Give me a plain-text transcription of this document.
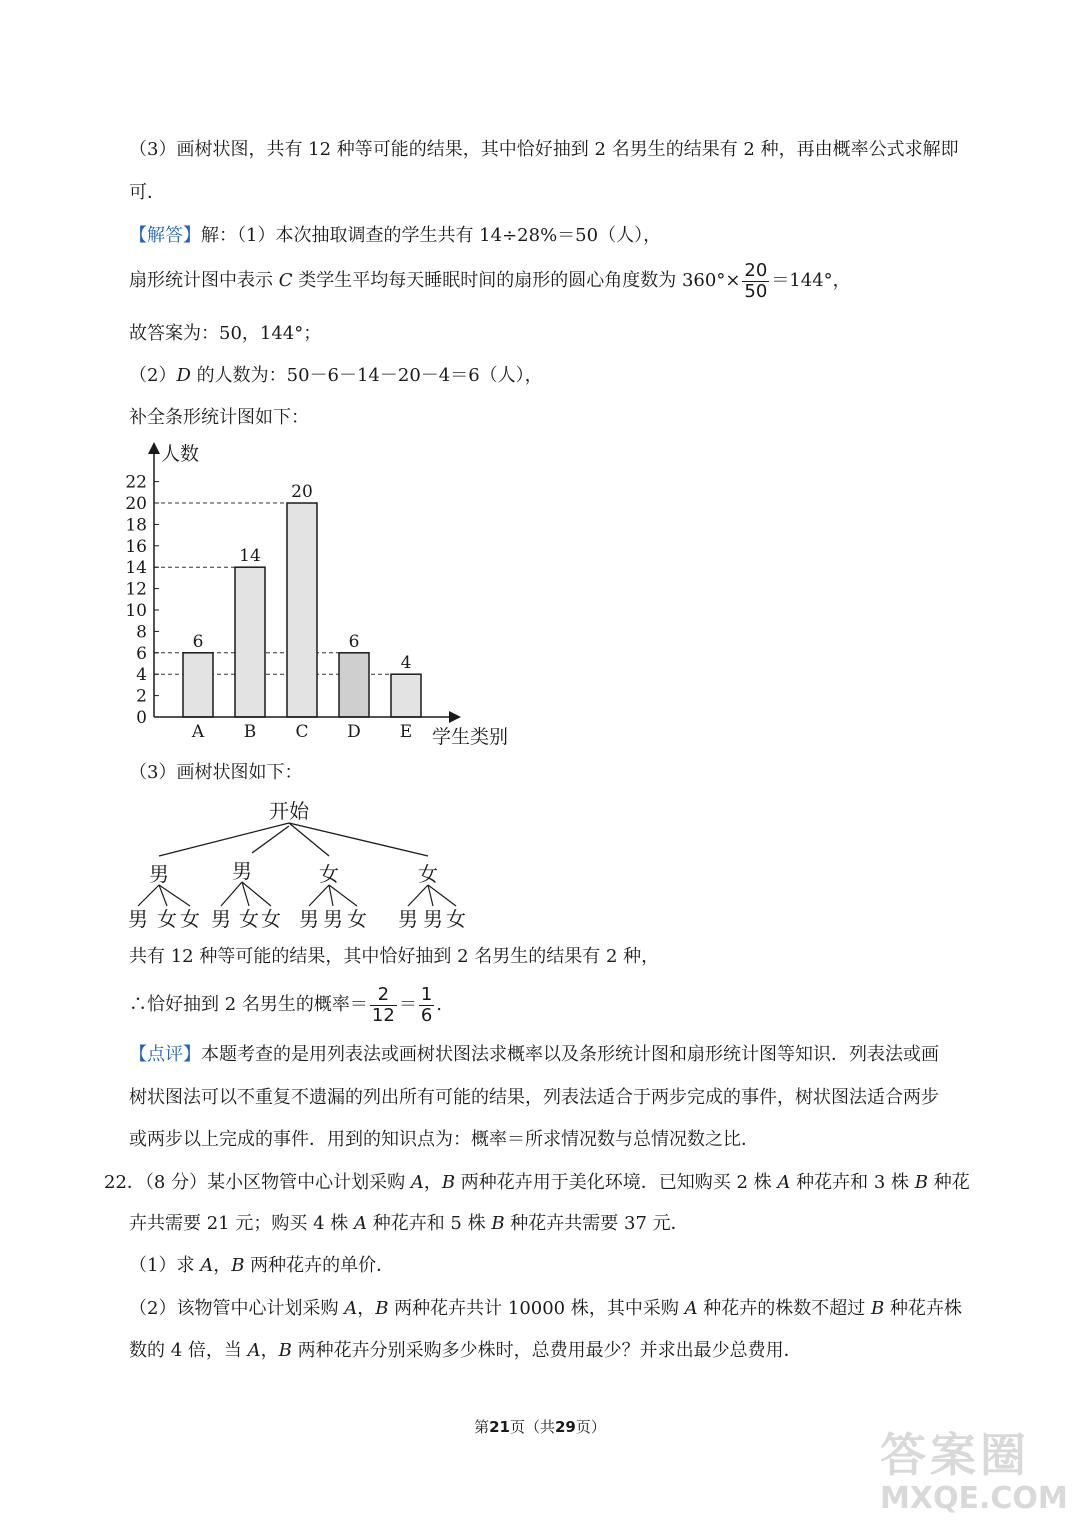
（3）画树状图，共有 12 种等可能的结果，其中恰好抽到 2 名男生的结果有 2 种，再由概率公式求解即
可．
【解答】解：（1）本次抽取调查的学生共有 14÷28%＝50（人），
扇形统计图中表示 C 类学生平均每天睡眠时间的扇形的圆心角度数为 $360^\circ\times \frac{20}{50} =144^\circ$，
故答案为：50，144°；
（2）D 的人数为：50－6－14－20－4＝6（人），
补全条形统计图如下：
6
A
14
B
20
C
6
D
4
E
0
2
4
6
8
10
12
14
16
18
20
22
人数
学生类别
（3）画树状图如下：
开始
男	男	女	女
男 女 女 男 女 女 男 男 女 男 男 女
共有 12 种等可能的结果，其中恰好抽到 2 名男生的结果有 2 种，
∴恰好抽到 2 名男生的概率＝ $\frac{2}{12} = \frac{1}{6}$ .
【点评】本题考查的是用列表法或画树状图法求概率以及条形统计图和扇形统计图等知识．列表法或画
树状图法可以不重复不遗漏的列出所有可能的结果，列表法适合于两步完成的事件，树状图法适合两步
或两步以上完成的事件．用到的知识点为：概率＝所求情况数与总情况数之比．
22．（8 分）某小区物管中心计划采购 A，B 两种花卉用于美化环境．已知购买 2 株 A 种花卉和 3 株 B 种花
卉共需要 21 元；购买 4 株 A 种花卉和 5 株 B 种花卉共需要 37 元．
（1）求 A，B 两种花卉的单价．
（2）该物管中心计划采购 A，B 两种花卉共计 10000 株，其中采购 A 种花卉的株数不超过 B 种花卉株
数的 4 倍，当 A，B 两种花卉分别采购多少株时，总费用最少？并求出最少总费用．
第21页（共29页）
答案圈
MXQE.COM
